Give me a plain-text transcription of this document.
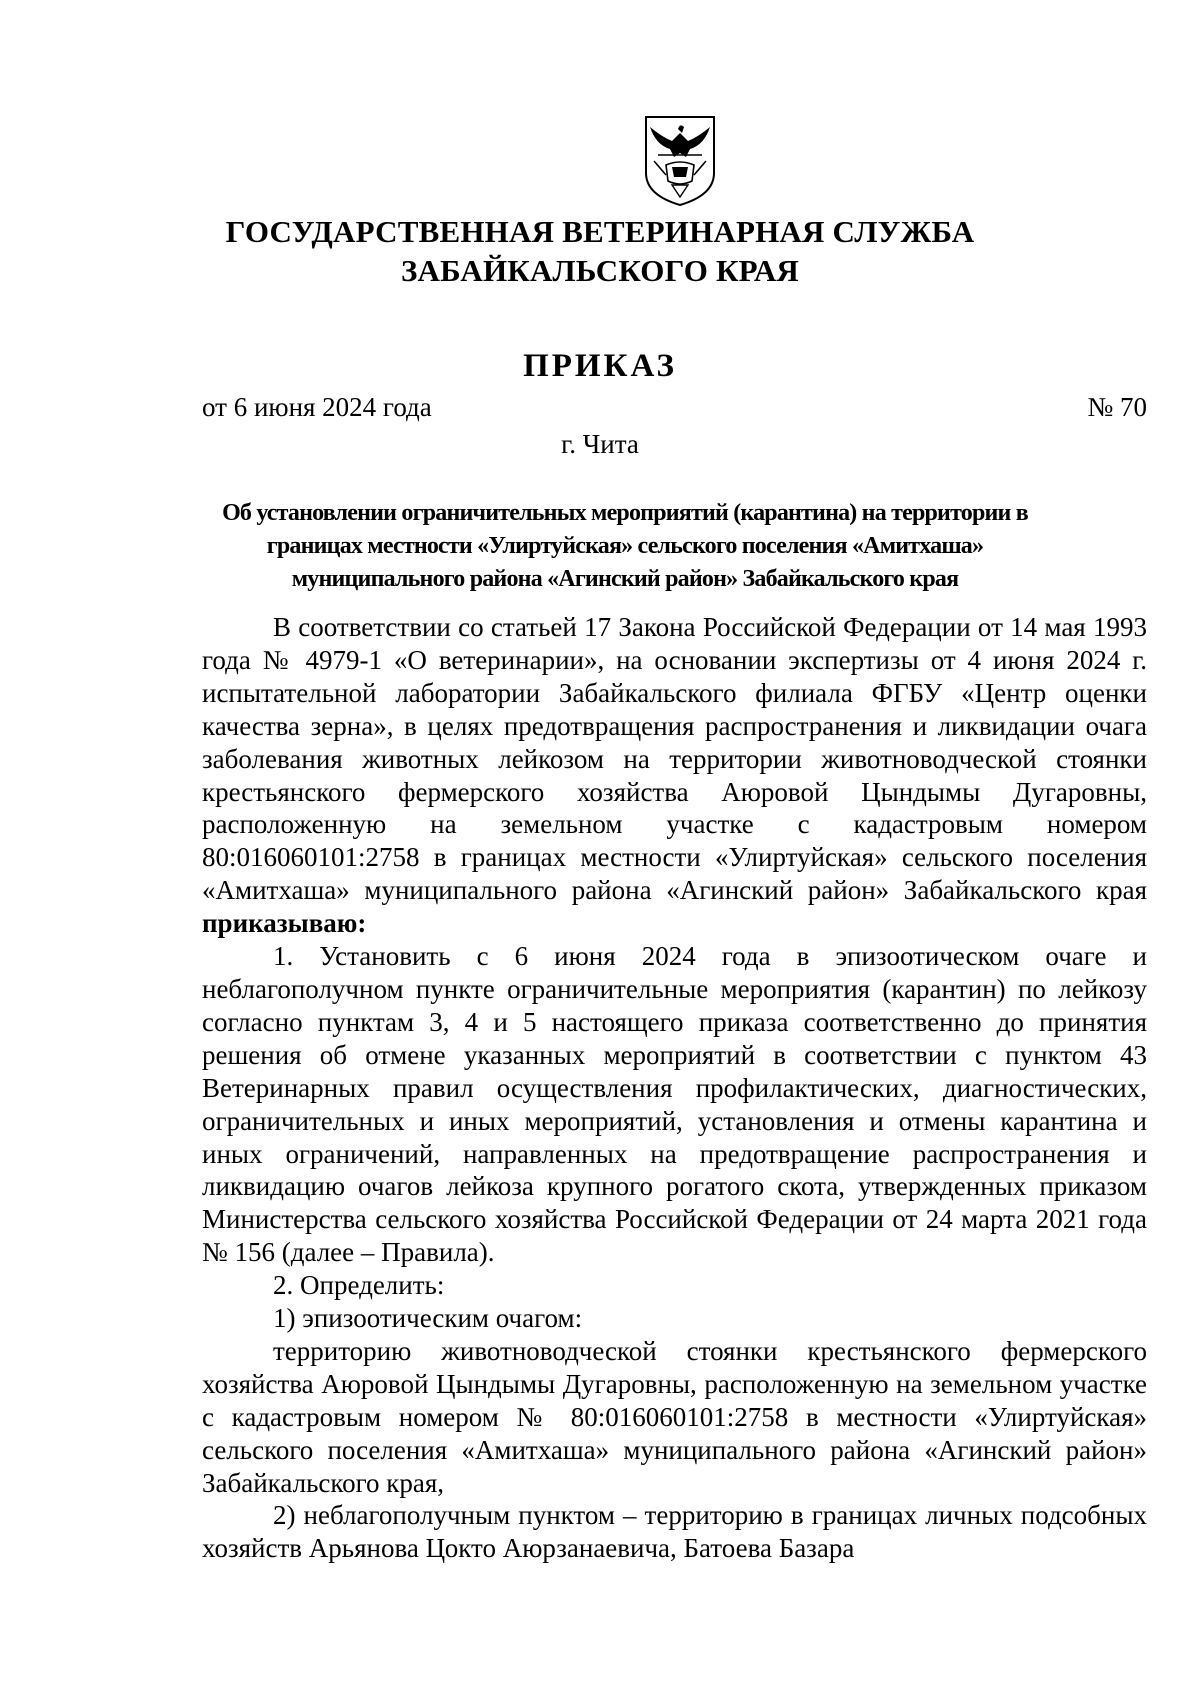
ГОСУДАРСТВЕННАЯ ВЕТЕРИНАРНАЯ СЛУЖБА
ЗАБАЙКАЛЬСКОГО КРАЯ
ПРИКАЗ
от 6 июня 2024 года	№ 70
г. Чита
Об установлении ограничительных мероприятий (карантина) на территории в
границах местности «Улиртуйская» сельского поселения «Амитхаша»
муниципального района «Агинский район» Забайкальского края

В соответствии со статьей 17 Закона Российской Федерации от 14 мая 1993 года № 4979-1 «О ветеринарии», на основании экспертизы от 4 июня 2024 г. испытательной лаборатории Забайкальского филиала ФГБУ «Центр оценки качества зерна», в целях предотвращения распространения и ликвидации очага заболевания животных лейкозом на территории животноводческой стоянки крестьянского фермерского хозяйства Аюровой Цындымы Дугаровны, расположенную на земельном участке с кадастровым номером 80:016060101:2758 в границах местности «Улиртуйская» сельского поселения «Амитхаша» муниципального района «Агинский район» Забайкальского края приказываю:

1. Установить с 6 июня 2024 года в эпизоотическом очаге и неблагополучном пункте ограничительные мероприятия (карантин) по лейкозу согласно пунктам 3, 4 и 5 настоящего приказа соответственно до принятия решения об отмене указанных мероприятий в соответствии с пунктом 43 Ветеринарных правил осуществления профилактических, диагностических, ограничительных и иных мероприятий, установления и отмены карантина и иных ограничений, направленных на предотвращение распространения и ликвидацию очагов лейкоза крупного рогатого скота, утвержденных приказом Министерства сельского хозяйства Российской Федерации от 24 марта 2021 года № 156 (далее – Правила).

2. Определить:

1) эпизоотическим очагом:

территорию животноводческой стоянки крестьянского фермерского хозяйства Аюровой Цындымы Дугаровны, расположенную на земельном участке с кадастровым номером № 80:016060101:2758 в местности «Улиртуйская» сельского поселения «Амитхаша» муниципального района «Агинский район» Забайкальского края,

2) неблагополучным пунктом – территорию в границах личных подсобных хозяйств Арьянова Цокто Аюрзанаевича, Батоева Базара
